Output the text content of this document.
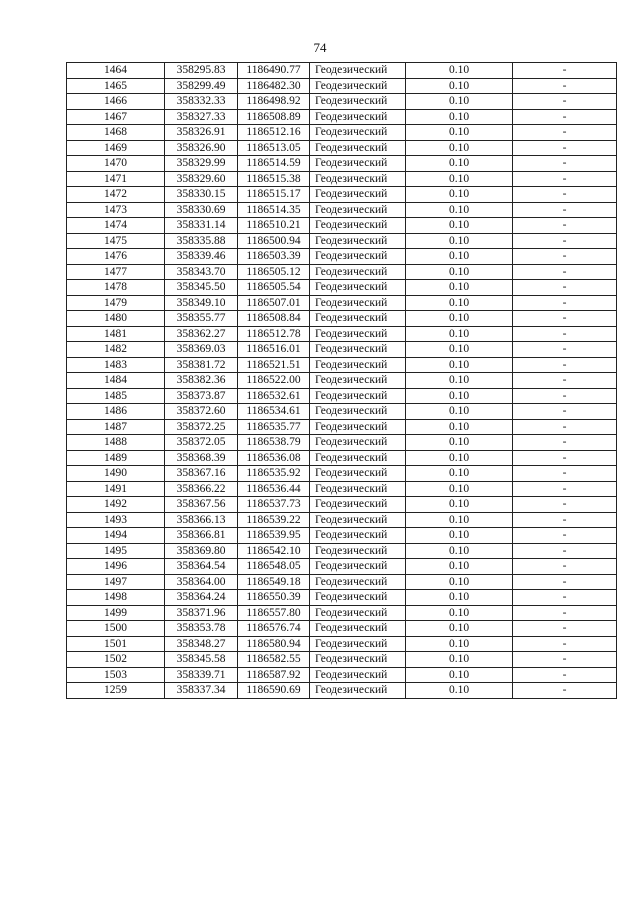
74
1464	358295.83	1186490.77	Геодезический	0.10	-
1465	358299.49	1186482.30	Геодезический	0.10	-
1466	358332.33	1186498.92	Геодезический	0.10	-
1467	358327.33	1186508.89	Геодезический	0.10	-
1468	358326.91	1186512.16	Геодезический	0.10	-
1469	358326.90	1186513.05	Геодезический	0.10	-
1470	358329.99	1186514.59	Геодезический	0.10	-
1471	358329.60	1186515.38	Геодезический	0.10	-
1472	358330.15	1186515.17	Геодезический	0.10	-
1473	358330.69	1186514.35	Геодезический	0.10	-
1474	358331.14	1186510.21	Геодезический	0.10	-
1475	358335.88	1186500.94	Геодезический	0.10	-
1476	358339.46	1186503.39	Геодезический	0.10	-
1477	358343.70	1186505.12	Геодезический	0.10	-
1478	358345.50	1186505.54	Геодезический	0.10	-
1479	358349.10	1186507.01	Геодезический	0.10	-
1480	358355.77	1186508.84	Геодезический	0.10	-
1481	358362.27	1186512.78	Геодезический	0.10	-
1482	358369.03	1186516.01	Геодезический	0.10	-
1483	358381.72	1186521.51	Геодезический	0.10	-
1484	358382.36	1186522.00	Геодезический	0.10	-
1485	358373.87	1186532.61	Геодезический	0.10	-
1486	358372.60	1186534.61	Геодезический	0.10	-
1487	358372.25	1186535.77	Геодезический	0.10	-
1488	358372.05	1186538.79	Геодезический	0.10	-
1489	358368.39	1186536.08	Геодезический	0.10	-
1490	358367.16	1186535.92	Геодезический	0.10	-
1491	358366.22	1186536.44	Геодезический	0.10	-
1492	358367.56	1186537.73	Геодезический	0.10	-
1493	358366.13	1186539.22	Геодезический	0.10	-
1494	358366.81	1186539.95	Геодезический	0.10	-
1495	358369.80	1186542.10	Геодезический	0.10	-
1496	358364.54	1186548.05	Геодезический	0.10	-
1497	358364.00	1186549.18	Геодезический	0.10	-
1498	358364.24	1186550.39	Геодезический	0.10	-
1499	358371.96	1186557.80	Геодезический	0.10	-
1500	358353.78	1186576.74	Геодезический	0.10	-
1501	358348.27	1186580.94	Геодезический	0.10	-
1502	358345.58	1186582.55	Геодезический	0.10	-
1503	358339.71	1186587.92	Геодезический	0.10	-
1259	358337.34	1186590.69	Геодезический	0.10	-
